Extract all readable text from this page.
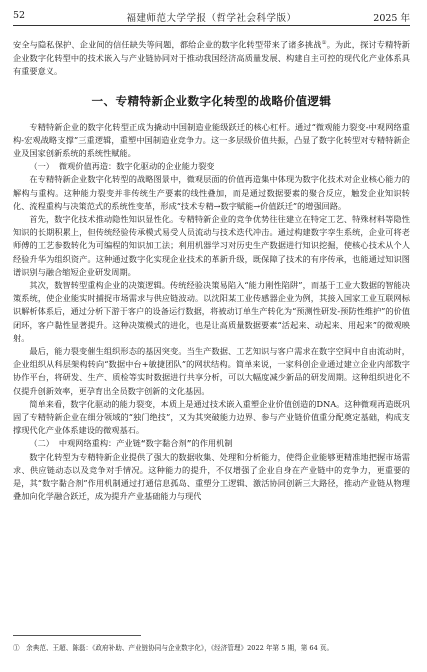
52	福建师范大学学报（哲学社会科学版）	2025 年

安全与隐私保护、企业间的信任缺失等问题，都给企业的数字化转型带来了诸多挑战①。为此，探讨专精特新企业数字化转型中的技术嵌入与产业链协同对于推动我国经济高质量发展、构建自主可控的现代化产业体系具有重要意义。

一、专精特新企业数字化转型的战略价值逻辑

专精特新企业的数字化转型正成为撬动中国制造业能级跃迁的核心杠杆。通过“微观能力裂变-中观网络重构-宏观战略支撑”三重逻辑，重塑中国制造业竞争力。这一多层级价值共振，凸显了数字化转型对专精特新企业及国家创新系统的系统性赋能。

（一） 微观价值再造：数字化驱动的企业能力裂变

在专精特新企业数字化转型的战略图景中，微观层面的价值再造集中体现为数字化技术对企业核心能力的解构与重构。这种能力裂变并非传统生产要素的线性叠加，而是通过数据要素的聚合反应，触发企业知识转化、流程重构与决策范式的系统性变革，形成“技术专精→数字赋能→价值跃迁”的增强回路。

首先，数字化技术推动隐性知识显性化。专精特新企业的竞争优势往往建立在特定工艺、特殊材料等隐性知识的长期积累上，但传统经验传承模式易受人员流动与技术迭代冲击。通过构建数字孪生系统，企业可将老师傅的工艺参数转化为可编程的知识加工法；利用机器学习对历史生产数据进行知识挖掘，使核心技术从个人经验升华为组织资产。这种通过数字化实现企业技术的革新升级，既保障了技术的有序传承，也能通过知识图谱识别与融合缩短企业研发周期。

其次，数智转型重构企业的决策逻辑。传统经验决策易陷入“能力刚性陷阱”，而基于工业大数据的智能决策系统，使企业能实时捕捉市场需求与供应链波动。以沈阳某工业传感器企业为例，其接入国家工业互联网标识解析体系后，通过分析下游于客户的设备运行数据，将被动订单生产转化为“预测性研发-预防性维护”的价值闭环，客户黏性显著提升。这种决策模式的进化，也是让高质量数据要素“活起来、动起来、用起来”的微观映射。

最后，能力裂变催生组织形态的基因突变。当生产数据、工艺知识与客户需求在数字空间中自由流动时，企业组织从科层架构转向“数据中台+敏捷团队”的网状结构。简单来说，一家科创企业通过建立企业内部数字协作平台，将研发、生产、质检等实时数据进行共享分析，可以大幅度减少新品的研发周期。这种组织进化不仅提升创新效率，更孕育出全员数字创新的文化基因。

简单来看，数字化驱动的能力裂变，本质上是通过技术嵌入重塑企业价值创造的DNA。这种微观再造既巩固了专精特新企业在细分领域的“独门绝技”，又为其突破能力边界、参与产业链价值重分配奠定基础，构成支撑现代化产业体系建设的微观基石。

（二） 中观网络重构：产业链“数字黏合剂”的作用机制

数字化转型为专精特新企业提供了强大的数据收集、处理和分析能力，使得企业能够更精准地把握市场需求、供应链动态以及竞争对手情况。这种能力的提升，不仅增强了企业自身在产业链中的竞争力，更重要的是，其“数字黏合剂”作用机制通过打通信息孤岛、重塑分工逻辑、激活协同创新三大路径，推动产业链从物理叠加向化学融合跃迁，成为提升产业基础能力与现代

①　余典范、王超、陈磊：《政府补助、产业链协同与企业数字化》，《经济管理》2022 年第 5 期，第 64 页。
